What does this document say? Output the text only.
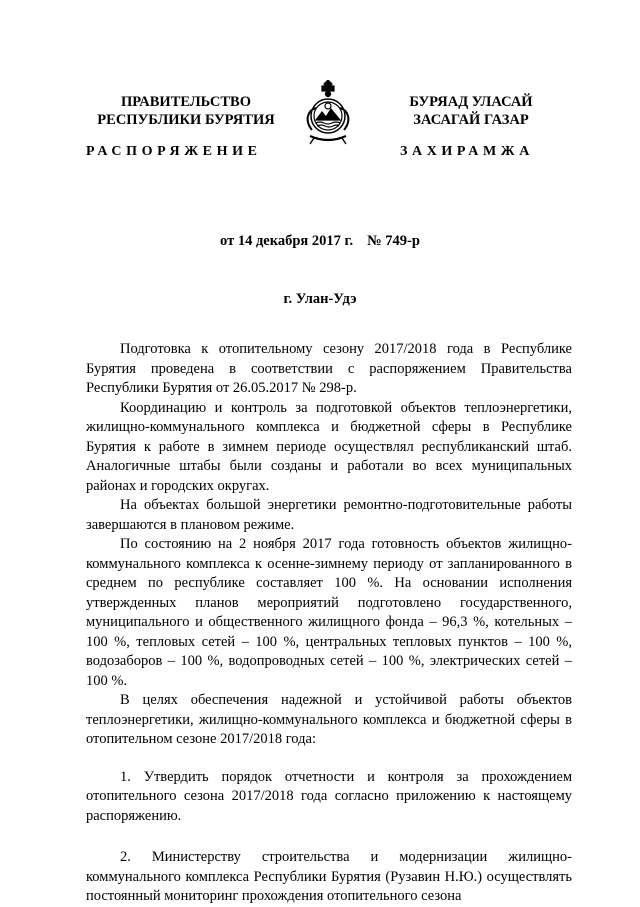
ПРАВИТЕЛЬСТВО
РЕСПУБЛИКИ БУРЯТИЯ
БУРЯАД УЛАСАЙ
ЗАСАГАЙ ГАЗАР
РАСПОРЯЖЕНИЕ	ЗАХИРАМЖА
от 14 декабря 2017 г. № 749-р
г. Улан-Удэ

Подготовка к отопительному сезону 2017/2018 года в Республике Бурятия проведена в соответствии с распоряжением Правительства Республики Бурятия от 26.05.2017 № 298-р.

Координацию и контроль за подготовкой объектов теплоэнергетики, жилищно-коммунального комплекса и бюджетной сферы в Республике Бурятия к работе в зимнем периоде осуществлял республиканский штаб. Аналогичные штабы были созданы и работали во всех муниципальных районах и городских округах.

На объектах большой энергетики ремонтно-подготовительные работы завершаются в плановом режиме.

По состоянию на 2 ноября 2017 года готовность объектов жилищно-коммунального комплекса к осенне-зимнему периоду от запланированного в среднем по республике составляет 100 %. На основании исполнения утвержденных планов мероприятий подготовлено государственного, муниципального и общественного жилищного фонда – 96,3 %, котельных – 100 %, тепловых сетей – 100 %, центральных тепловых пунктов – 100 %, водозаборов – 100 %, водопроводных сетей – 100 %, электрических сетей – 100 %.

В целях обеспечения надежной и устойчивой работы объектов теплоэнергетики, жилищно-коммунального комплекса и бюджетной сферы в отопительном сезоне 2017/2018 года:

1. Утвердить порядок отчетности и контроля за прохождением отопительного сезона 2017/2018 года согласно приложению к настоящему распоряжению.

2. Министерству строительства и модернизации жилищно-коммунального комплекса Республики Бурятия (Рузавин Н.Ю.) осуществлять постоянный мониторинг прохождения отопительного сезона
